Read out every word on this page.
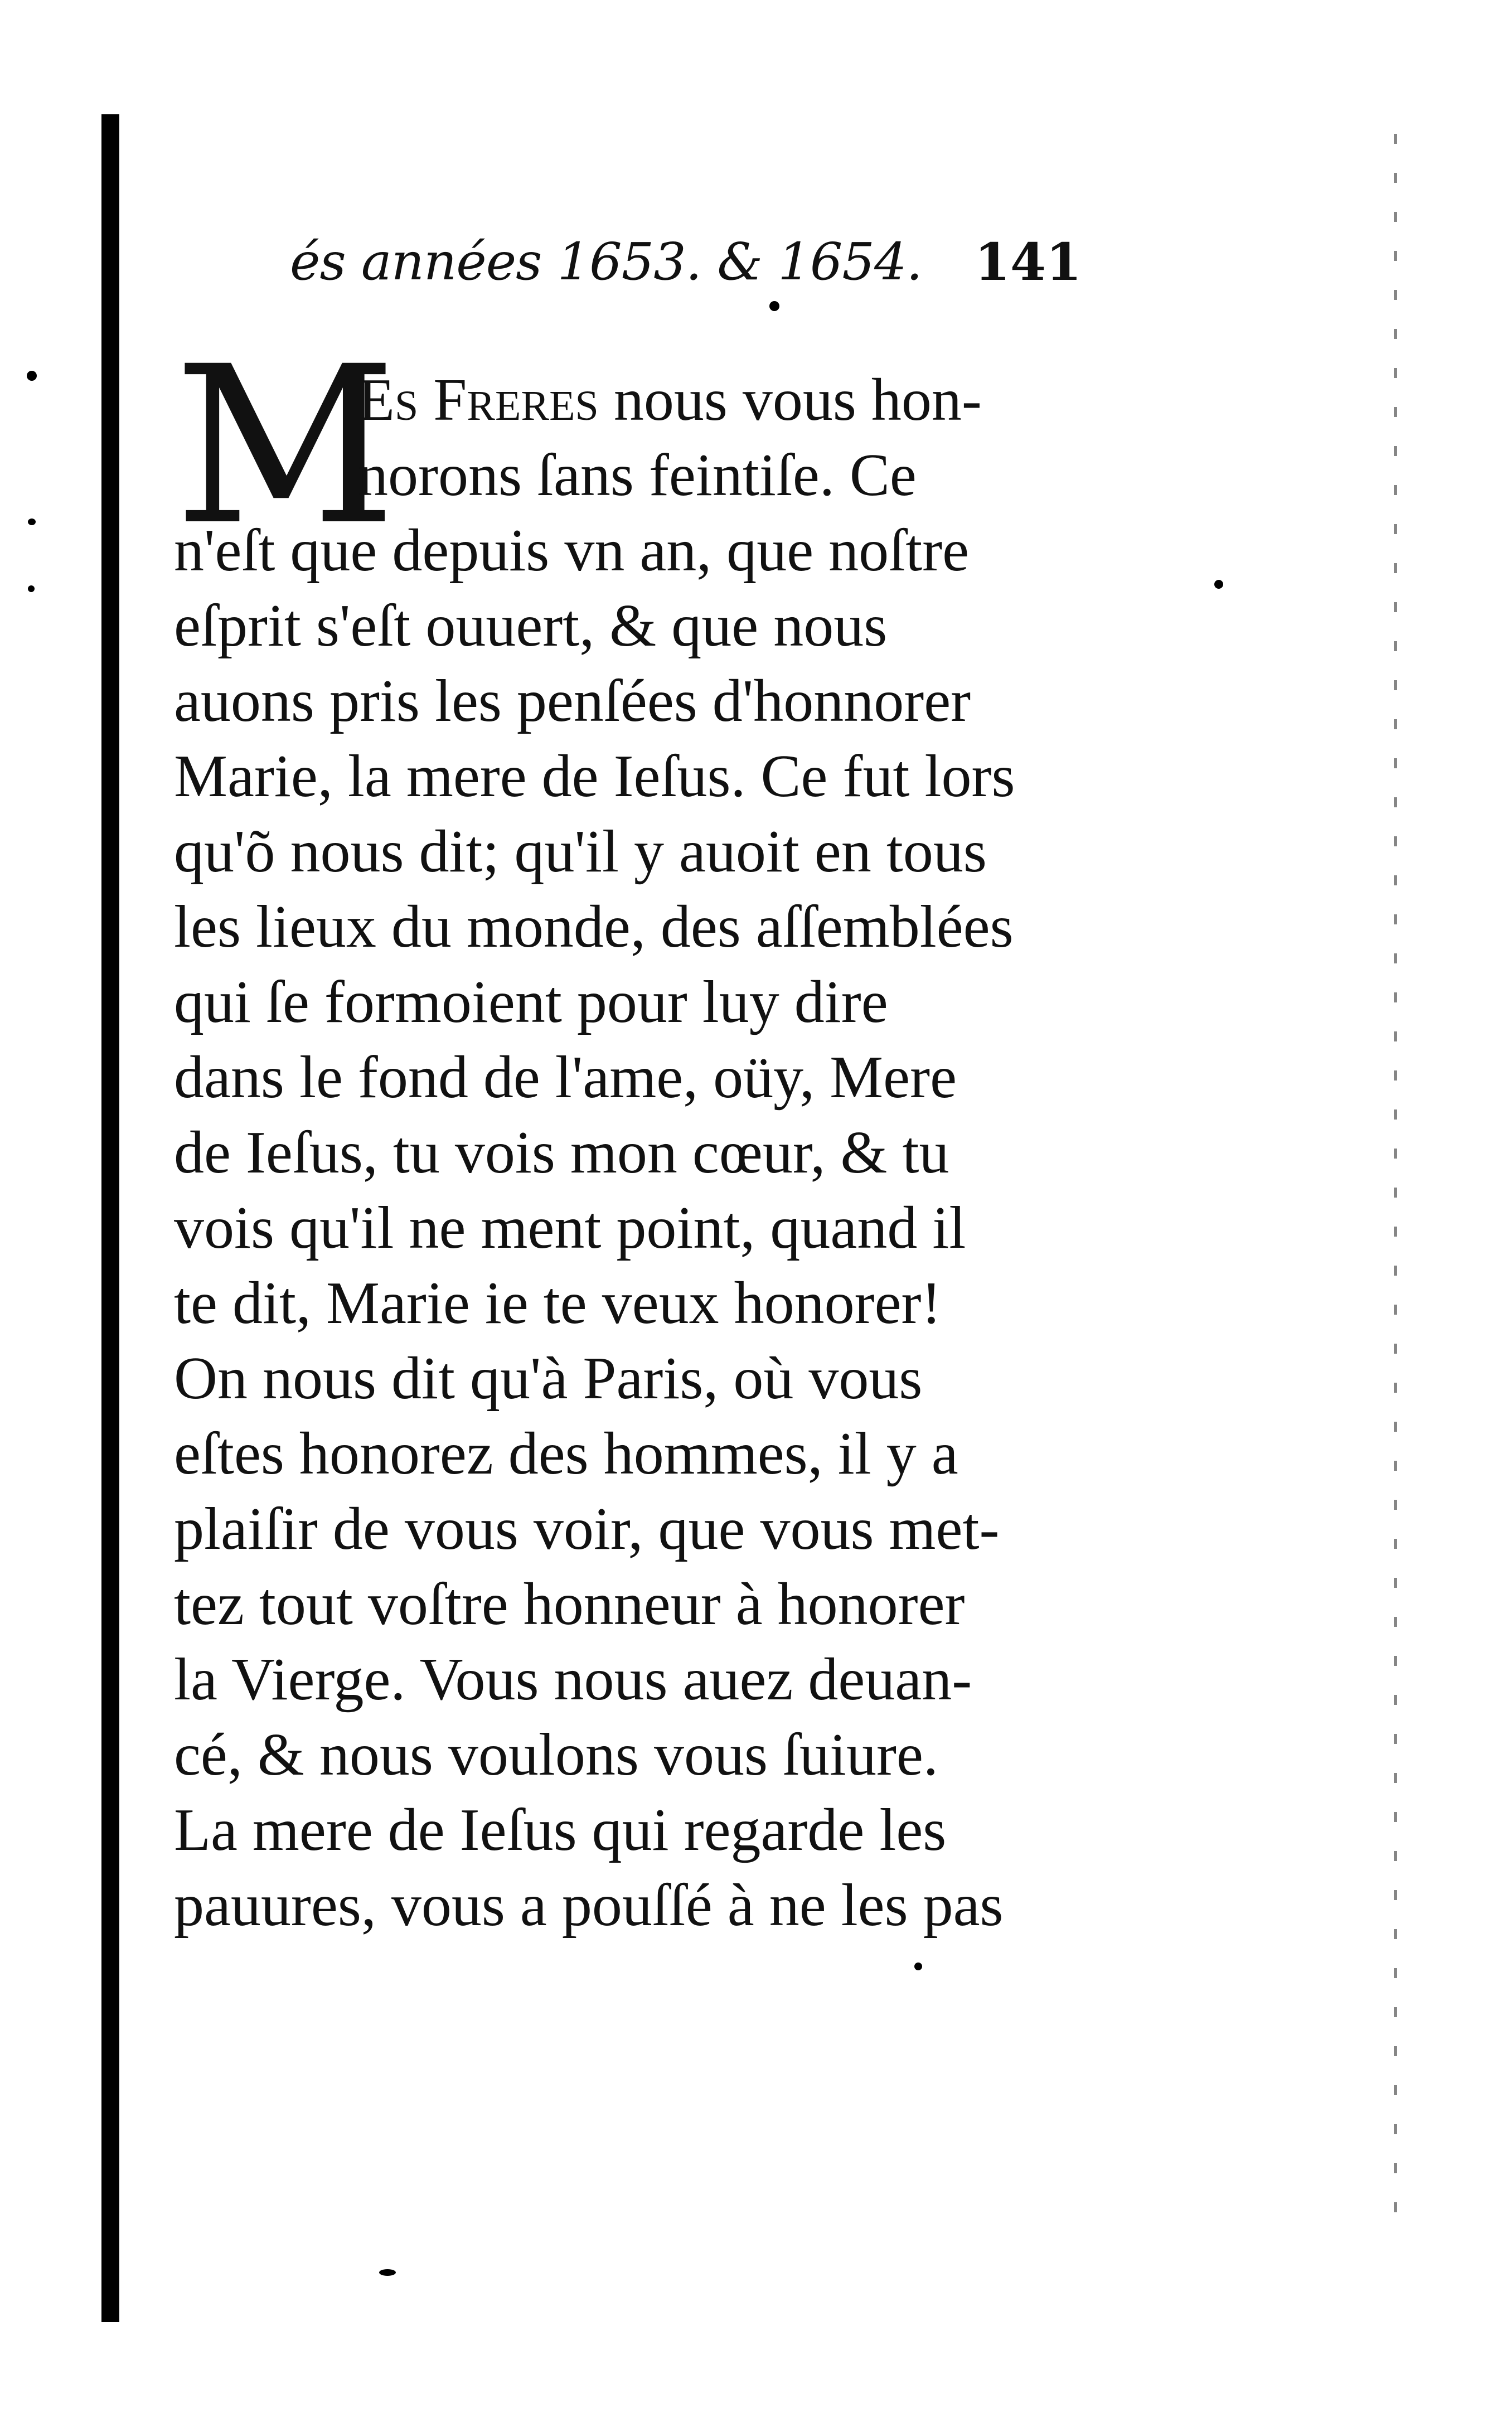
és années 1653. & 1654. 141
M
Es Freres nous vous hon-
norons ſans feintiſe. Ce
n'eſt que depuis vn an, que noſtre
eſprit s'eſt ouuert, & que nous
auons pris les penſées d'honnorer
Marie, la mere de Ieſus. Ce fut lors
qu'õ nous dit; qu'il y auoit en tous
les lieux du monde, des aſſemblées
qui ſe formoient pour luy dire
dans le fond de l'ame, oüy, Mere
de Ieſus, tu vois mon cœur, & tu
vois qu'il ne ment point, quand il
te dit, Marie ie te veux honorer!
On nous dit qu'à Paris, où vous
eſtes honorez des hommes, il y a
plaiſir de vous voir, que vous met-
tez tout voſtre honneur à honorer
la Vierge. Vous nous auez deuan-
cé, & nous voulons vous ſuiure.
La mere de Ieſus qui regarde les
pauures, vous a pouſſé à ne les pas
